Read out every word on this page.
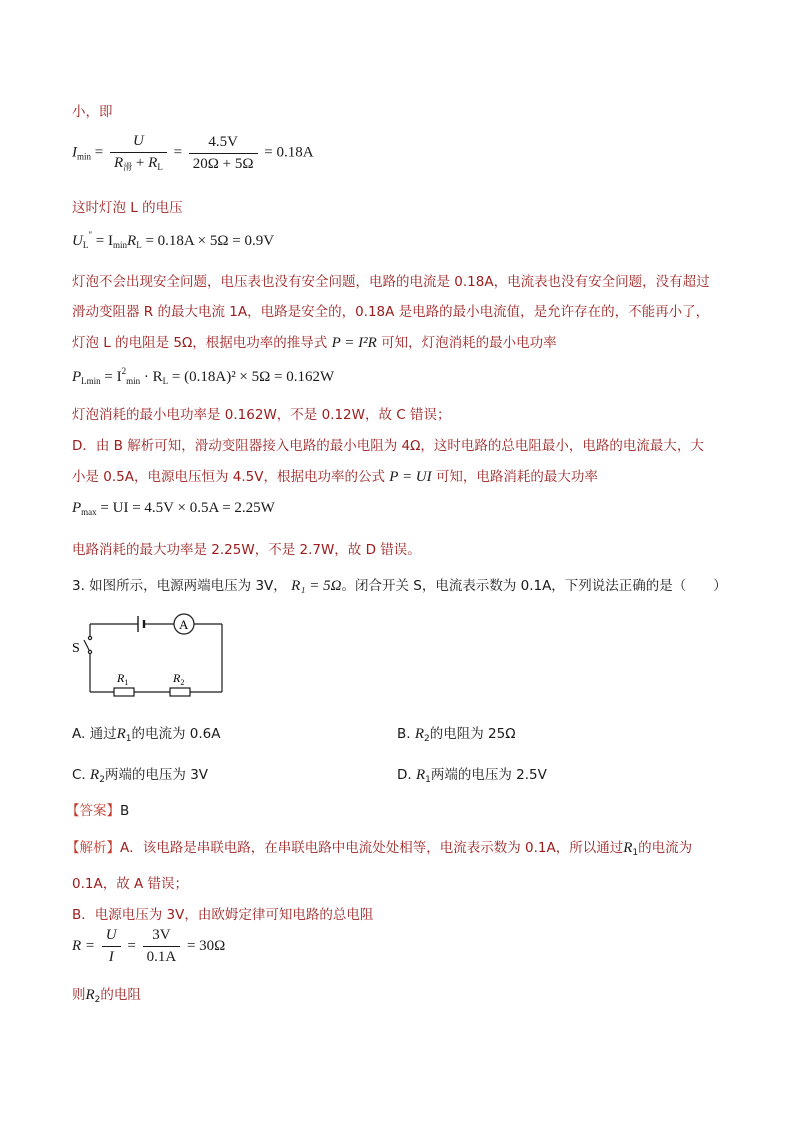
小，即
$I_{min} = \frac{U}{R_滑 + R_L} = \frac{4.5V}{20\Omega + 5\Omega} = 0.18A$
这时灯泡 L 的电压
$U_L^" = I_{min}R_L = 0.18A \times 5\Omega = 0.9V$
灯泡不会出现安全问题，电压表也没有安全问题，电路的电流是 0.18A，电流表也没有安全问题，没有超过
滑动变阻器 R 的最大电流 1A，电路是安全的，0.18A 是电路的最小电流值，是允许存在的，不能再小了，
灯泡 L 的电阻是 5Ω，根据电功率的推导式 P = I²R 可知，灯泡消耗的最小电功率
$P_{Lmin} = I^2_{min} \cdot R_L = (0.18A)^2 \times 5\Omega = 0.162W$
灯泡消耗的最小电功率是 0.162W，不是 0.12W，故 C 错误；
D．由 B 解析可知，滑动变阻器接入电路的最小电阻为 4Ω，这时电路的总电阻最小，电路的电流最大，大
小是 0.5A，电源电压恒为 4.5V，根据电功率的公式 P = UI 可知，电路消耗的最大功率
$P_{max}$ = UI = 4.5V × 0.5A = 2.25W
电路消耗的最大功率是 2.25W，不是 2.7W，故 D 错误。
3. 如图所示，电源两端电压为 3V， R₁ = 5Ω。闭合开关 S，电流表示数为 0.1A，下列说法正确的是（　　）
A
S
$R_1$	$R_2$
A. 通过$R_1$的电流为 0.6A	B. $R_2$的电阻为 25Ω
C. $R_2$两端的电压为 3V	D. $R_1$两端的电压为 2.5V
【答案】B
【解析】A．该电路是串联电路，在串联电路中电流处处相等，电流表示数为 0.1A，所以通过$R_1$的电流为
0.1A，故 A 错误；
B．电源电压为 3V，由欧姆定律可知电路的总电阻
$R = \frac{U}{I} = \frac{3V}{0.1A} = 30\Omega$
则$R_2$的电阻
